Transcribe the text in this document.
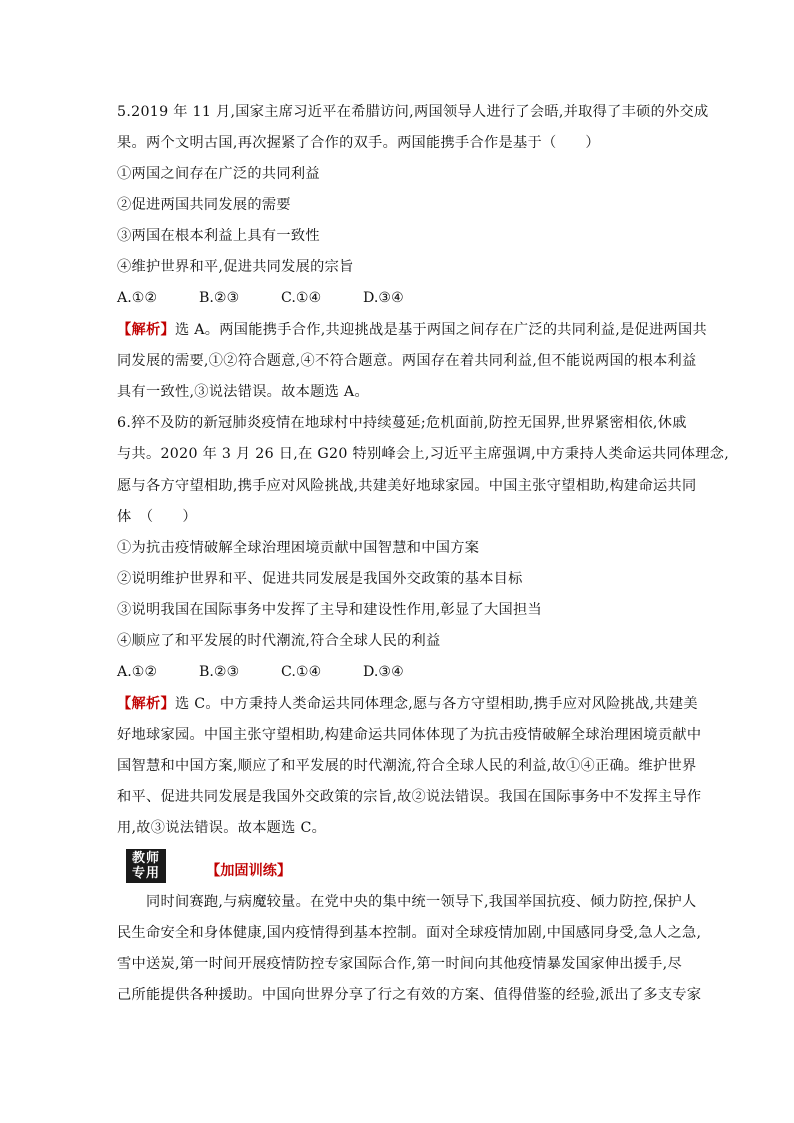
5.2019 年 11 月,国家主席习近平在希腊访问,两国领导人进行了会晤,并取得了丰硕的外交成
果。两个文明古国,再次握紧了合作的双手。两国能携手合作是基于（　　）
①两国之间存在广泛的共同利益
②促进两国共同发展的需要
③两国在根本利益上具有一致性
④维护世界和平,促进共同发展的宗旨
A.①②	B.②③	C.①④	D.③④
【解析】选 A。两国能携手合作,共迎挑战是基于两国之间存在广泛的共同利益,是促进两国共
同发展的需要,①②符合题意,④不符合题意。两国存在着共同利益,但不能说两国的根本利益
具有一致性,③说法错误。故本题选 A。
6.猝不及防的新冠肺炎疫情在地球村中持续蔓延;危机面前,防控无国界,世界紧密相依,休戚
与共。2020 年 3 月 26 日,在 G20 特别峰会上,习近平主席强调,中方秉持人类命运共同体理念,
愿与各方守望相助,携手应对风险挑战,共建美好地球家园。中国主张守望相助,构建命运共同
体　（　　）
①为抗击疫情破解全球治理困境贡献中国智慧和中国方案
②说明维护世界和平、促进共同发展是我国外交政策的基本目标
③说明我国在国际事务中发挥了主导和建设性作用,彰显了大国担当
④顺应了和平发展的时代潮流,符合全球人民的利益
A.①②	B.②③	C.①④	D.③④
【解析】选 C。中方秉持人类命运共同体理念,愿与各方守望相助,携手应对风险挑战,共建美
好地球家园。中国主张守望相助,构建命运共同体体现了为抗击疫情破解全球治理困境贡献中
国智慧和中国方案,顺应了和平发展的时代潮流,符合全球人民的利益,故①④正确。维护世界
和平、促进共同发展是我国外交政策的宗旨,故②说法错误。我国在国际事务中不发挥主导作
用,故③说法错误。故本题选 C。
教师
专用	【加固训练】
　　同时间赛跑,与病魔较量。在党中央的集中统一领导下,我国举国抗疫、倾力防控,保护人
民生命安全和身体健康,国内疫情得到基本控制。面对全球疫情加剧,中国感同身受,急人之急,
雪中送炭,第一时间开展疫情防控专家国际合作,第一时间向其他疫情暴发国家伸出援手,尽
己所能提供各种援助。中国向世界分享了行之有效的方案、值得借鉴的经验,派出了多支专家
